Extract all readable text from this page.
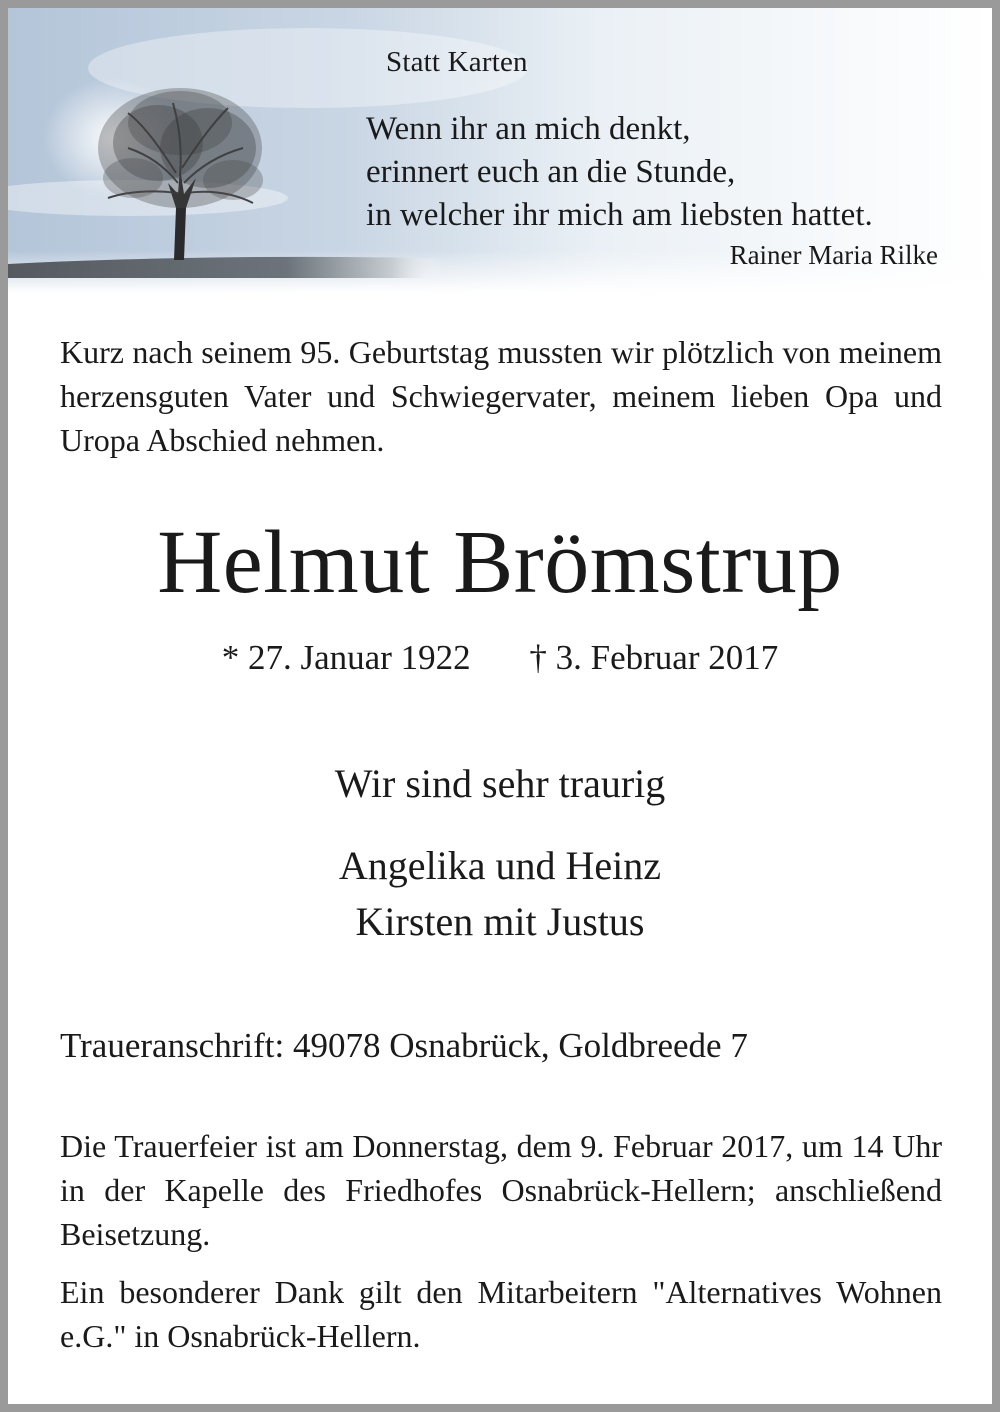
Statt Karten
Wenn ihr an mich denkt,
erinnert euch an die Stunde,
in welcher ihr mich am liebsten hattet.
Rainer Maria Rilke
Kurz nach seinem 95. Geburtstag mussten wir plötzlich von meinem herzensguten Vater und Schwiegervater, meinem lieben Opa und Uropa Abschied nehmen.
Helmut Brömstrup
* 27. Januar 1922 † 3. Februar 2017
Wir sind sehr traurig
Angelika und Heinz
Kirsten mit Justus
Traueranschrift: 49078 Osnabrück, Goldbreede 7
Die Trauerfeier ist am Donnerstag, dem 9. Februar 2017, um 14 Uhr in der Kapelle des Friedhofes Osnabrück-Hellern; anschließend Beisetzung.
Ein besonderer Dank gilt den Mitarbeitern "Alternatives Wohnen e.G." in Osnabrück-Hellern.
